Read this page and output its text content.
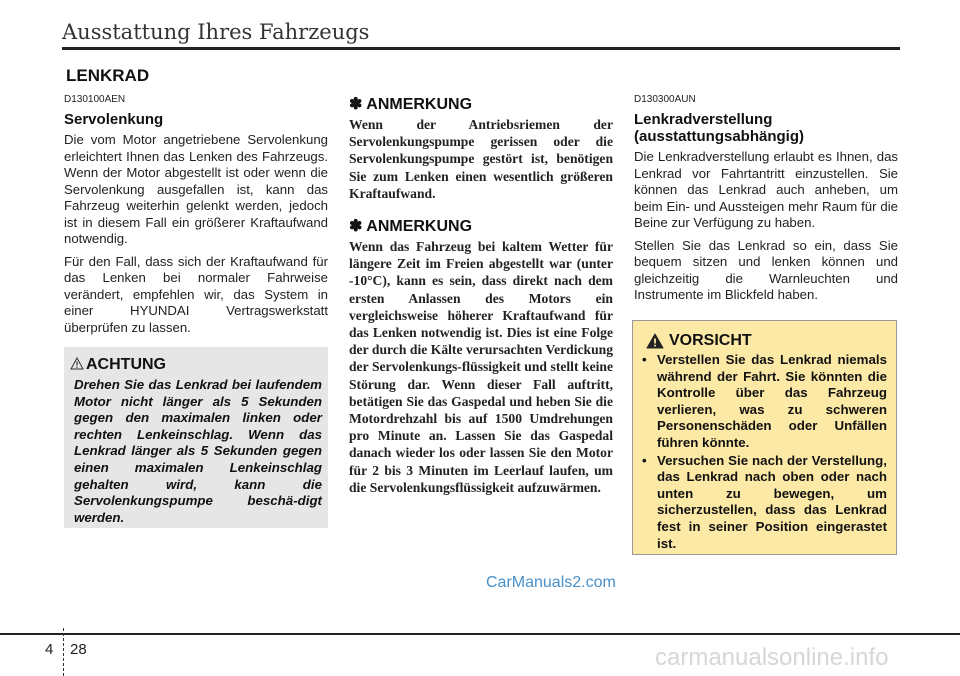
Ausstattung Ihres Fahrzeugs
LENKRAD
D130100AEN
Servolenkung
Die vom Motor angetriebene Servolenkung erleichtert Ihnen das Lenken des Fahrzeugs. Wenn der Motor abgestellt ist oder wenn die Servolenkung ausgefallen ist, kann das Fahrzeug weiterhin gelenkt werden, jedoch ist in diesem Fall ein größerer Kraftaufwand notwendig.
Für den Fall, dass sich der Kraftaufwand für das Lenken bei normaler Fahrweise verändert, empfehlen wir, das System in einer HYUNDAI Vertragswerkstatt überprüfen zu lassen.
ACHTUNG
Drehen Sie das Lenkrad bei laufendem Motor nicht länger als 5 Sekunden gegen den maximalen linken oder rechten Lenkeinschlag. Wenn das Lenkrad länger als 5 Sekunden gegen einen maximalen Lenkeinschlag gehalten wird, kann die Servolenkungspumpe beschä-digt werden.
✽ ANMERKUNG
Wenn der Antriebsriemen der Servolenkungspumpe gerissen oder die Servolenkungspumpe gestört ist, benötigen Sie zum Lenken einen wesentlich größeren Kraftaufwand.
✽ ANMERKUNG
Wenn das Fahrzeug bei kaltem Wetter für längere Zeit im Freien abgestellt war (unter -10°C), kann es sein, dass direkt nach dem ersten Anlassen des Motors ein vergleichsweise höherer Kraftaufwand für das Lenken notwendig ist. Dies ist eine Folge der durch die Kälte verursachten Verdickung der Servolenkungs-flüssigkeit und stellt keine Störung dar. Wenn dieser Fall auftritt, betätigen Sie das Gaspedal und heben Sie die Motordrehzahl bis auf 1500 Umdrehungen pro Minute an. Lassen Sie das Gaspedal danach wieder los oder lassen Sie den Motor für 2 bis 3 Minuten im Leerlauf laufen, um die Servolenkungsflüssigkeit aufzuwärmen.
D130300AUN
Lenkradverstellung (ausstattungsabhängig)
Die Lenkradverstellung erlaubt es Ihnen, das Lenkrad vor Fahrtantritt einzustellen. Sie können das Lenkrad auch anheben, um beim Ein- und Aussteigen mehr Raum für die Beine zur Verfügung zu haben.
Stellen Sie das Lenkrad so ein, dass Sie bequem sitzen und lenken können und gleichzeitig die Warnleuchten und Instrumente im Blickfeld haben.
VORSICHT
• Verstellen Sie das Lenkrad niemals während der Fahrt. Sie könnten die Kontrolle über das Fahrzeug verlieren, was zu schweren Personenschäden oder Unfällen führen könnte.
• Versuchen Sie nach der Verstellung, das Lenkrad nach oben oder nach unten zu bewegen, um sicherzustellen, dass das Lenkrad fest in seiner Position eingerastet ist.
CarManuals2.com
4 28	carmanualsonline.info
